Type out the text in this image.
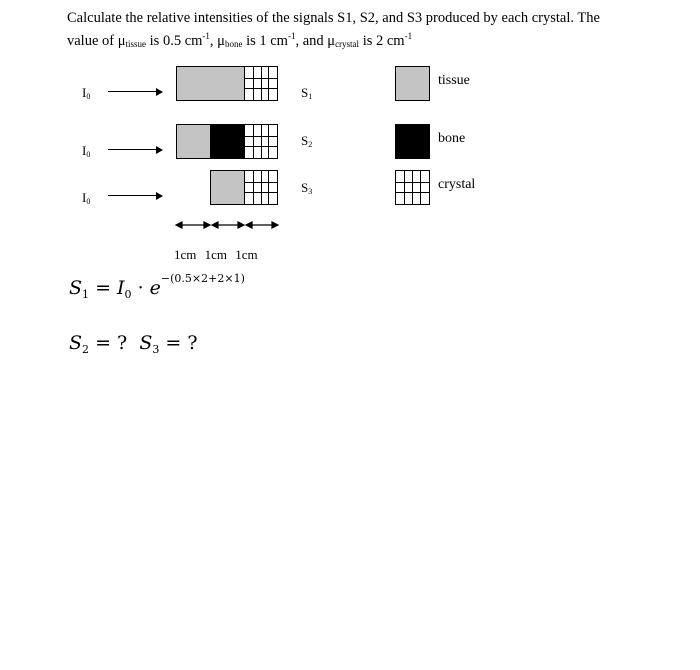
Calculate the relative intensities of the signals S1, S2, and S3 produced by each crystal. The
value of $\mu_{tissue}$ is 0.5 $cm^{-1}$, $\mu_{bone}$ is 1 $cm^{-1}$, and $\mu_{crystal}$ is 2 $cm^{-1}$
$I_0$	$S_1$
$I_0$
$S_2$
$I_0$
$S_3$
1cm 1cm 1cm
tissue
bone
crystal
$S_1 = I_0 \cdot e^{-(0.5\times 2+2\times 1)}$
$S_2$ = ? $S_3$ = ?
